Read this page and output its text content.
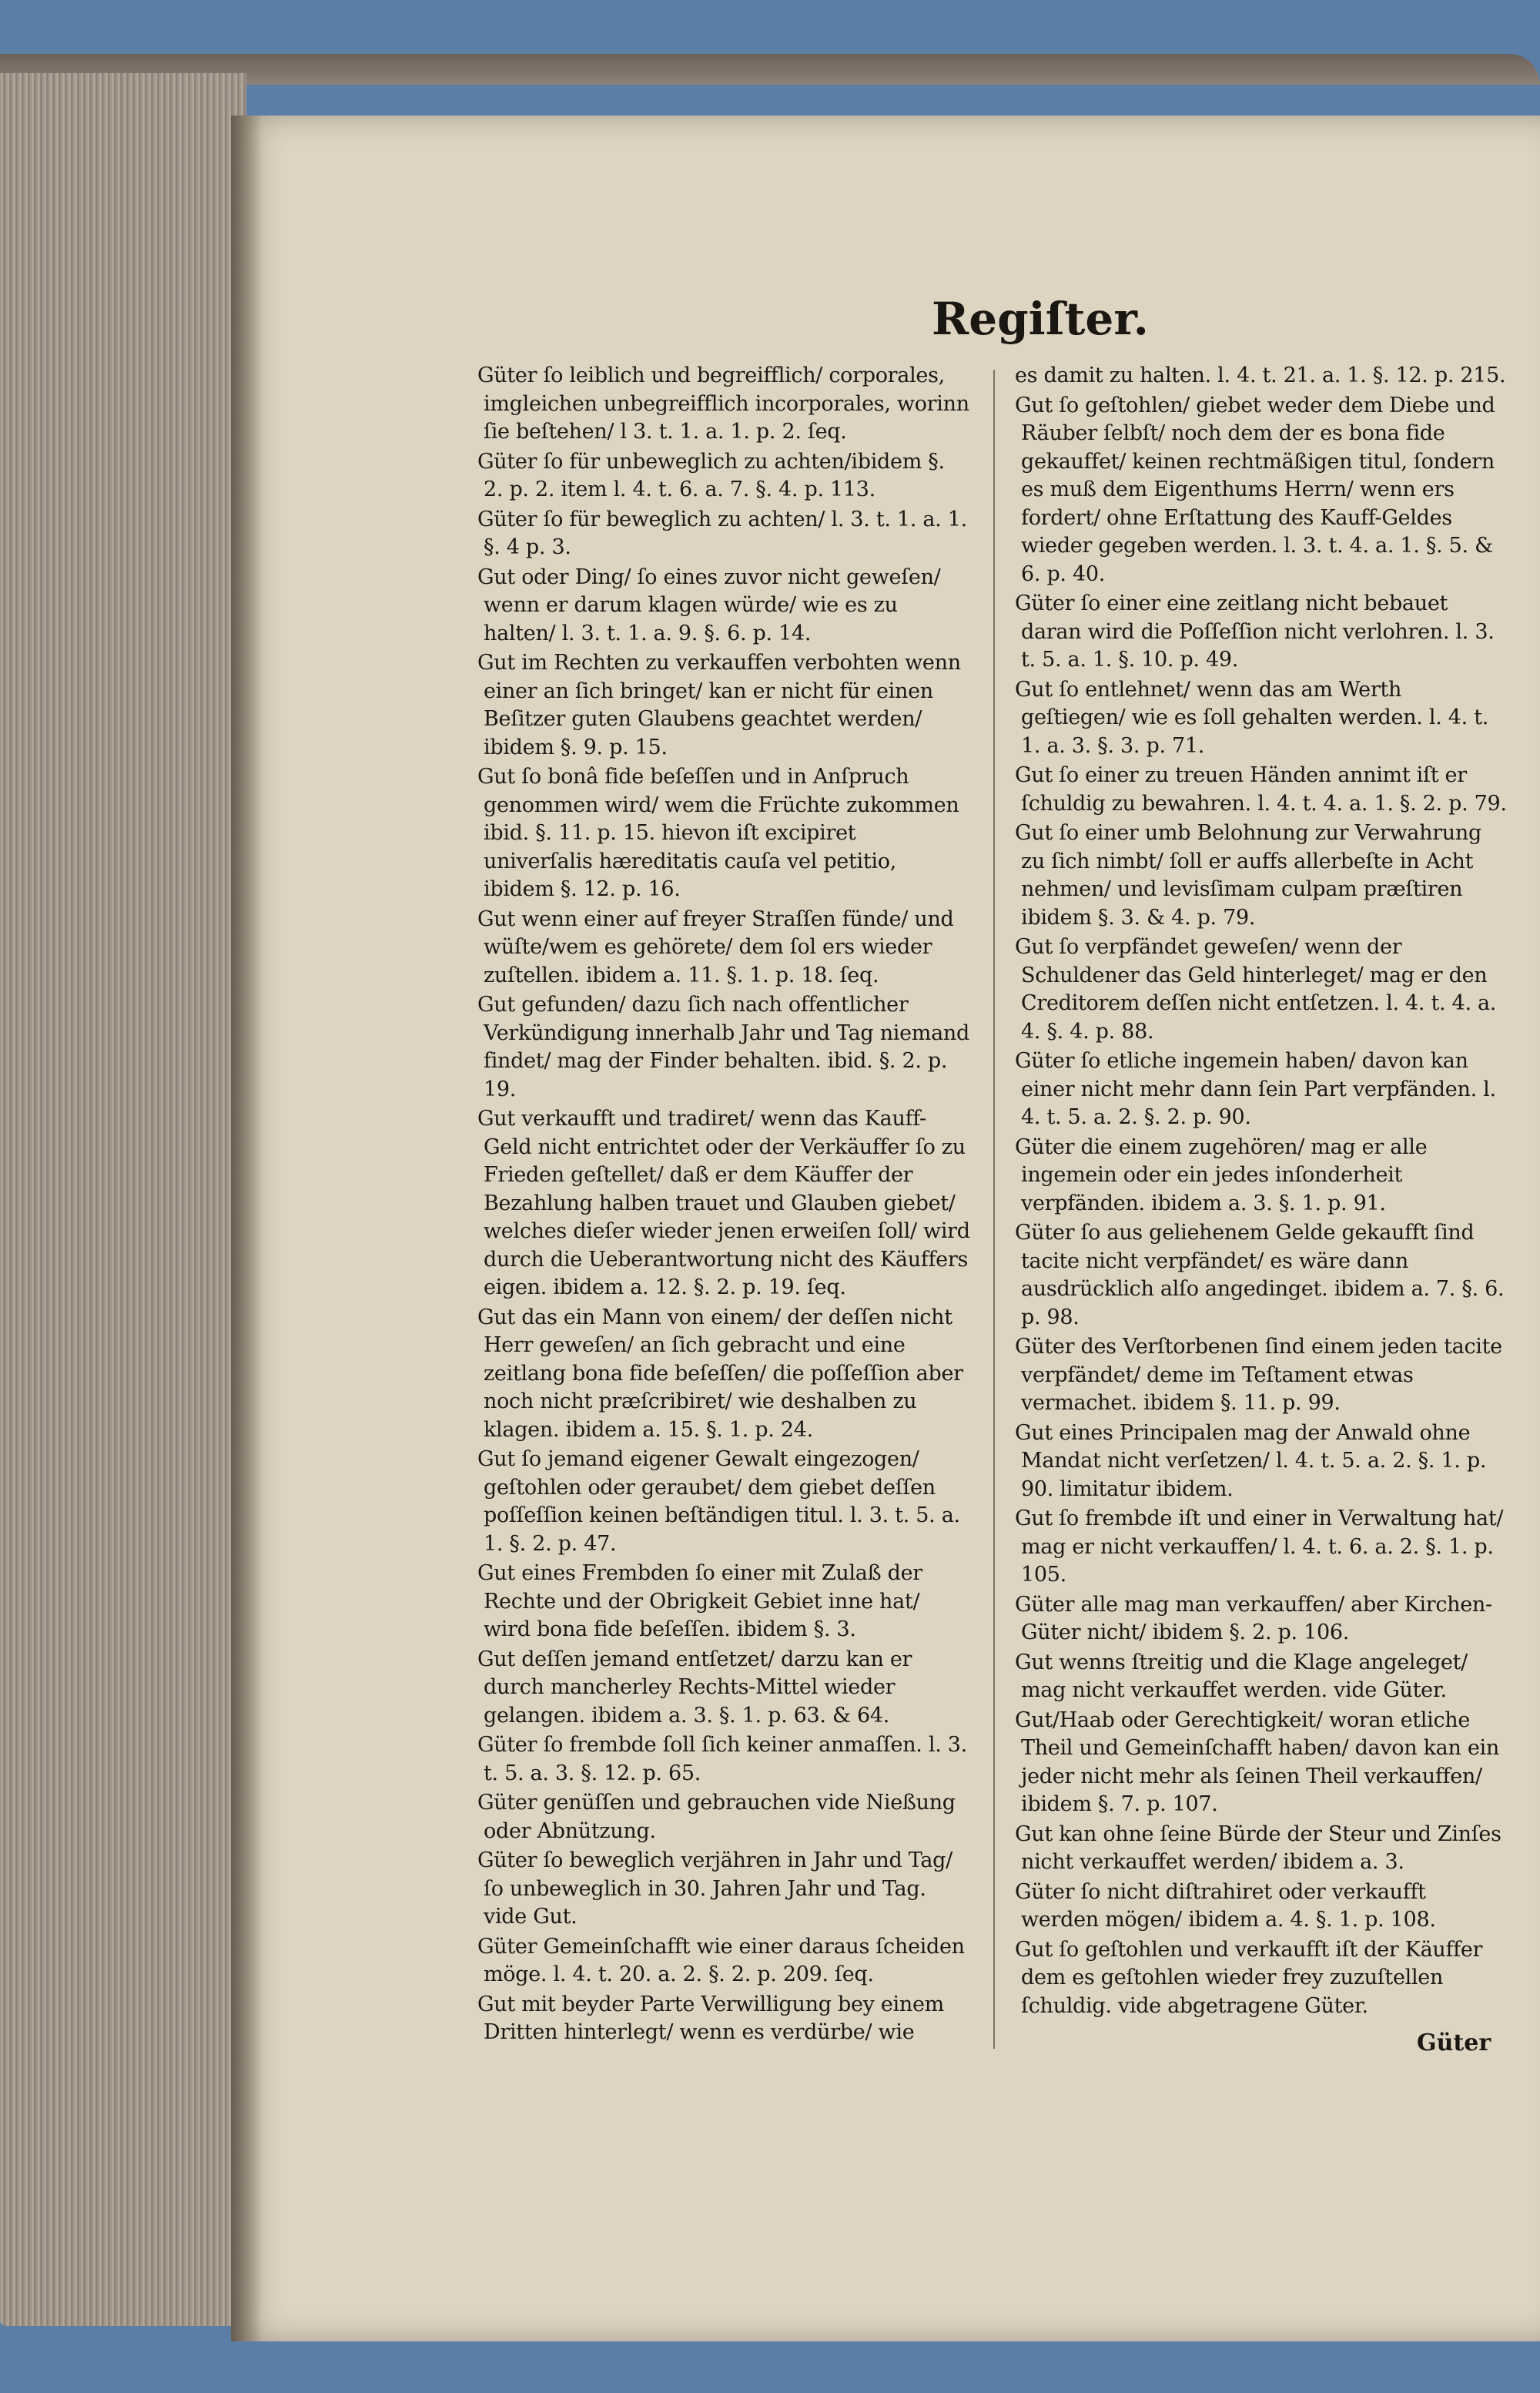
Regiſter.

Güter ſo leiblich und begreifflich/ corporales, imgleichen unbegreifflich incorporales, worinn ſie beſtehen/ l 3. t. 1. a. 1. p. 2. ſeq.

Güter ſo für unbeweglich zu achten/ibidem §. 2. p. 2. item l. 4. t. 6. a. 7. §. 4. p. 113.

Güter ſo für beweglich zu achten/ l. 3. t. 1. a. 1. §. 4 p. 3.

Gut oder Ding/ ſo eines zuvor nicht geweſen/ wenn er darum klagen würde/ wie es zu halten/ l. 3. t. 1. a. 9. §. 6. p. 14.

Gut im Rechten zu verkauffen verbohten wenn einer an ſich bringet/ kan er nicht für einen Beſitzer guten Glaubens geachtet werden/ ibidem §. 9. p. 15.

Gut ſo bonâ fide beſeſſen und in Anſpruch genommen wird/ wem die Früchte zukommen ibid. §. 11. p. 15. hievon iſt excipiret univerſalis hæreditatis cauſa vel petitio, ibidem §. 12. p. 16.

Gut wenn einer auf freyer Straſſen fünde/ und wüſte/wem es gehörete/ dem ſol ers wieder zuſtellen. ibidem a. 11. §. 1. p. 18. ſeq.

Gut gefunden/ dazu ſich nach offentlicher Verkündigung innerhalb Jahr und Tag niemand findet/ mag der Finder behalten. ibid. §. 2. p. 19.

Gut verkaufft und tradiret/ wenn das Kauff-Geld nicht entrichtet oder der Verkäuffer ſo zu Frieden geſtellet/ daß er dem Käuffer der Bezahlung halben trauet und Glauben giebet/ welches dieſer wieder jenen erweiſen ſoll/ wird durch die Ueberantwortung nicht des Käuffers eigen. ibidem a. 12. §. 2. p. 19. ſeq.

Gut das ein Mann von einem/ der deſſen nicht Herr geweſen/ an ſich gebracht und eine zeitlang bona fide beſeſſen/ die poſſeſſion aber noch nicht præſcribiret/ wie deshalben zu klagen. ibidem a. 15. §. 1. p. 24.

Gut ſo jemand eigener Gewalt eingezogen/ geſtohlen oder geraubet/ dem giebet deſſen poſſeſſion keinen beſtändigen titul. l. 3. t. 5. a. 1. §. 2. p. 47.

Gut eines Frembden ſo einer mit Zulaß der Rechte und der Obrigkeit Gebiet inne hat/ wird bona fide beſeſſen. ibidem §. 3.

Gut deſſen jemand entſetzet/ darzu kan er durch mancherley Rechts-Mittel wieder gelangen. ibidem a. 3. §. 1. p. 63. & 64.

Güter ſo frembde ſoll ſich keiner anmaſſen. l. 3. t. 5. a. 3. §. 12. p. 65.

Güter genüſſen und gebrauchen vide Nießung oder Abnützung.

Güter ſo beweglich verjähren in Jahr und Tag/ ſo unbeweglich in 30. Jahren Jahr und Tag. vide Gut.

Güter Gemeinſchafft wie einer daraus ſcheiden möge. l. 4. t. 20. a. 2. §. 2. p. 209. ſeq.

Gut mit beyder Parte Verwilligung bey einem Dritten hinterlegt/ wenn es verdürbe/ wie

es damit zu halten. l. 4. t. 21. a. 1. §. 12. p. 215.

Gut ſo geſtohlen/ giebet weder dem Diebe und Räuber ſelbſt/ noch dem der es bona fide gekauffet/ keinen rechtmäßigen titul, ſondern es muß dem Eigenthums Herrn/ wenn ers fordert/ ohne Erſtattung des Kauff-Geldes wieder gegeben werden. l. 3. t. 4. a. 1. §. 5. & 6. p. 40.

Güter ſo einer eine zeitlang nicht bebauet daran wird die Poſſeſſion nicht verlohren. l. 3. t. 5. a. 1. §. 10. p. 49.

Gut ſo entlehnet/ wenn das am Werth geſtiegen/ wie es ſoll gehalten werden. l. 4. t. 1. a. 3. §. 3. p. 71.

Gut ſo einer zu treuen Händen annimt iſt er ſchuldig zu bewahren. l. 4. t. 4. a. 1. §. 2. p. 79.

Gut ſo einer umb Belohnung zur Verwahrung zu ſich nimbt/ ſoll er auffs allerbeſte in Acht nehmen/ und levisſimam culpam præſtiren ibidem §. 3. & 4. p. 79.

Gut ſo verpfändet geweſen/ wenn der Schuldener das Geld hinterleget/ mag er den Creditorem deſſen nicht entſetzen. l. 4. t. 4. a. 4. §. 4. p. 88.

Güter ſo etliche ingemein haben/ davon kan einer nicht mehr dann ſein Part verpfänden. l. 4. t. 5. a. 2. §. 2. p. 90.

Güter die einem zugehören/ mag er alle ingemein oder ein jedes inſonderheit verpfänden. ibidem a. 3. §. 1. p. 91.

Güter ſo aus geliehenem Gelde gekaufft ſind tacite nicht verpfändet/ es wäre dann ausdrücklich alſo angedinget. ibidem a. 7. §. 6. p. 98.

Güter des Verſtorbenen ſind einem jeden tacite verpfändet/ deme im Teſtament etwas vermachet. ibidem §. 11. p. 99.

Gut eines Principalen mag der Anwald ohne Mandat nicht verſetzen/ l. 4. t. 5. a. 2. §. 1. p. 90. limitatur ibidem.

Gut ſo frembde iſt und einer in Verwaltung hat/ mag er nicht verkauffen/ l. 4. t. 6. a. 2. §. 1. p. 105.

Güter alle mag man verkauffen/ aber Kirchen-Güter nicht/ ibidem §. 2. p. 106.

Gut wenns ſtreitig und die Klage angeleget/ mag nicht verkauffet werden. vide Güter.

Gut/Haab oder Gerechtigkeit/ woran etliche Theil und Gemeinſchafft haben/ davon kan ein jeder nicht mehr als ſeinen Theil verkauffen/ ibidem §. 7. p. 107.

Gut kan ohne ſeine Bürde der Steur und Zinſes nicht verkauffet werden/ ibidem a. 3.

Güter ſo nicht diſtrahiret oder verkaufft werden mögen/ ibidem a. 4. §. 1. p. 108.

Gut ſo geſtohlen und verkaufft iſt der Käuffer dem es geſtohlen wieder frey zuzuſtellen ſchuldig. vide abgetragene Güter.

Güter
